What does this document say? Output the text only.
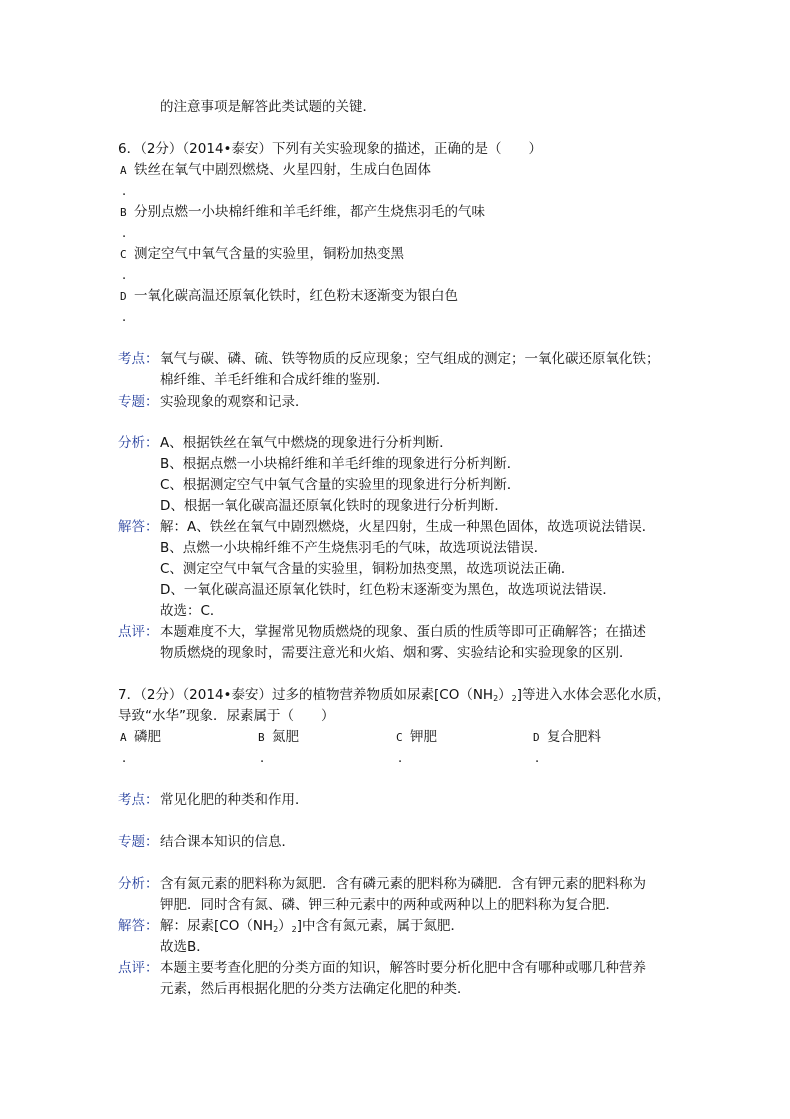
的注意事项是解答此类试题的关键．
6．（2分）（2014•泰安）下列有关实验现象的描述，正确的是（　　）
A 铁丝在氧气中剧烈燃烧、火星四射，生成白色固体
.
B 分别点燃一小块棉纤维和羊毛纤维，都产生烧焦羽毛的气味
.
C 测定空气中氧气含量的实验里，铜粉加热变黑
.
D 一氧化碳高温还原氧化铁时，红色粉末逐渐变为银白色
.
考点： 氧气与碳、磷、硫、铁等物质的反应现象；空气组成的测定；一氧化碳还原氧化铁；
棉纤维、羊毛纤维和合成纤维的鉴别．
专题： 实验现象的观察和记录．
分析： A、根据铁丝在氧气中燃烧的现象进行分析判断．
B、根据点燃一小块棉纤维和羊毛纤维的现象进行分析判断．
C、根据测定空气中氧气含量的实验里的现象进行分析判断．
D、根据一氧化碳高温还原氧化铁时的现象进行分析判断．
解答： 解：A、铁丝在氧气中剧烈燃烧，火星四射，生成一种黑色固体，故选项说法错误．
B、点燃一小块棉纤维不产生烧焦羽毛的气味，故选项说法错误．
C、测定空气中氧气含量的实验里，铜粉加热变黑，故选项说法正确．
D、一氧化碳高温还原氧化铁时，红色粉末逐渐变为黑色，故选项说法错误．
故选：C．
点评： 本题难度不大，掌握常见物质燃烧的现象、蛋白质的性质等即可正确解答；在描述
物质燃烧的现象时，需要注意光和火焰、烟和雾、实验结论和实验现象的区别．
7．（2分）（2014•泰安）过多的植物营养物质如尿素$[CO(NH_2)_2]$等进入水体会恶化水质，
导致“水华”现象．尿素属于（　　）
A 磷肥	B 氮肥	C 钾肥	D 复合肥料
.	.	.	.
考点： 常见化肥的种类和作用．
专题： 结合课本知识的信息．
分析： 含有氮元素的肥料称为氮肥．含有磷元素的肥料称为磷肥．含有钾元素的肥料称为
钾肥．同时含有氮、磷、钾三种元素中的两种或两种以上的肥料称为复合肥．
解答： 解：尿素$[CO(NH_2)_2]$中含有氮元素，属于氮肥．
故选B．
点评： 本题主要考查化肥的分类方面的知识，解答时要分析化肥中含有哪种或哪几种营养
元素，然后再根据化肥的分类方法确定化肥的种类．
